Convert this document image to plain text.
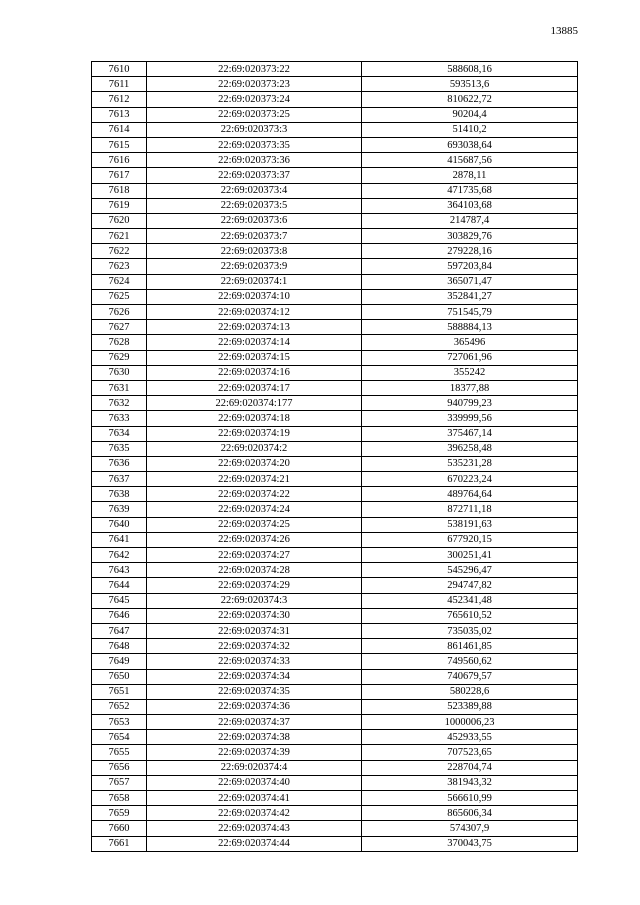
13885
7610	22:69:020373:22	588608,16
7611	22:69:020373:23	593513,6
7612	22:69:020373:24	810622,72
7613	22:69:020373:25	90204,4
7614	22:69:020373:3	51410,2
7615	22:69:020373:35	693038,64
7616	22:69:020373:36	415687,56
7617	22:69:020373:37	2878,11
7618	22:69:020373:4	471735,68
7619	22:69:020373:5	364103,68
7620	22:69:020373:6	214787,4
7621	22:69:020373:7	303829,76
7622	22:69:020373:8	279228,16
7623	22:69:020373:9	597203,84
7624	22:69:020374:1	365071,47
7625	22:69:020374:10	352841,27
7626	22:69:020374:12	751545,79
7627	22:69:020374:13	588884,13
7628	22:69:020374:14	365496
7629	22:69:020374:15	727061,96
7630	22:69:020374:16	355242
7631	22:69:020374:17	18377,88
7632	22:69:020374:177	940799,23
7633	22:69:020374:18	339999,56
7634	22:69:020374:19	375467,14
7635	22:69:020374:2	396258,48
7636	22:69:020374:20	535231,28
7637	22:69:020374:21	670223,24
7638	22:69:020374:22	489764,64
7639	22:69:020374:24	872711,18
7640	22:69:020374:25	538191,63
7641	22:69:020374:26	677920,15
7642	22:69:020374:27	300251,41
7643	22:69:020374:28	545296,47
7644	22:69:020374:29	294747,82
7645	22:69:020374:3	452341,48
7646	22:69:020374:30	765610,52
7647	22:69:020374:31	735035,02
7648	22:69:020374:32	861461,85
7649	22:69:020374:33	749560,62
7650	22:69:020374:34	740679,57
7651	22:69:020374:35	580228,6
7652	22:69:020374:36	523389,88
7653	22:69:020374:37	1000006,23
7654	22:69:020374:38	452933,55
7655	22:69:020374:39	707523,65
7656	22:69:020374:4	228704,74
7657	22:69:020374:40	381943,32
7658	22:69:020374:41	566610,99
7659	22:69:020374:42	865606,34
7660	22:69:020374:43	574307,9
7661	22:69:020374:44	370043,75
